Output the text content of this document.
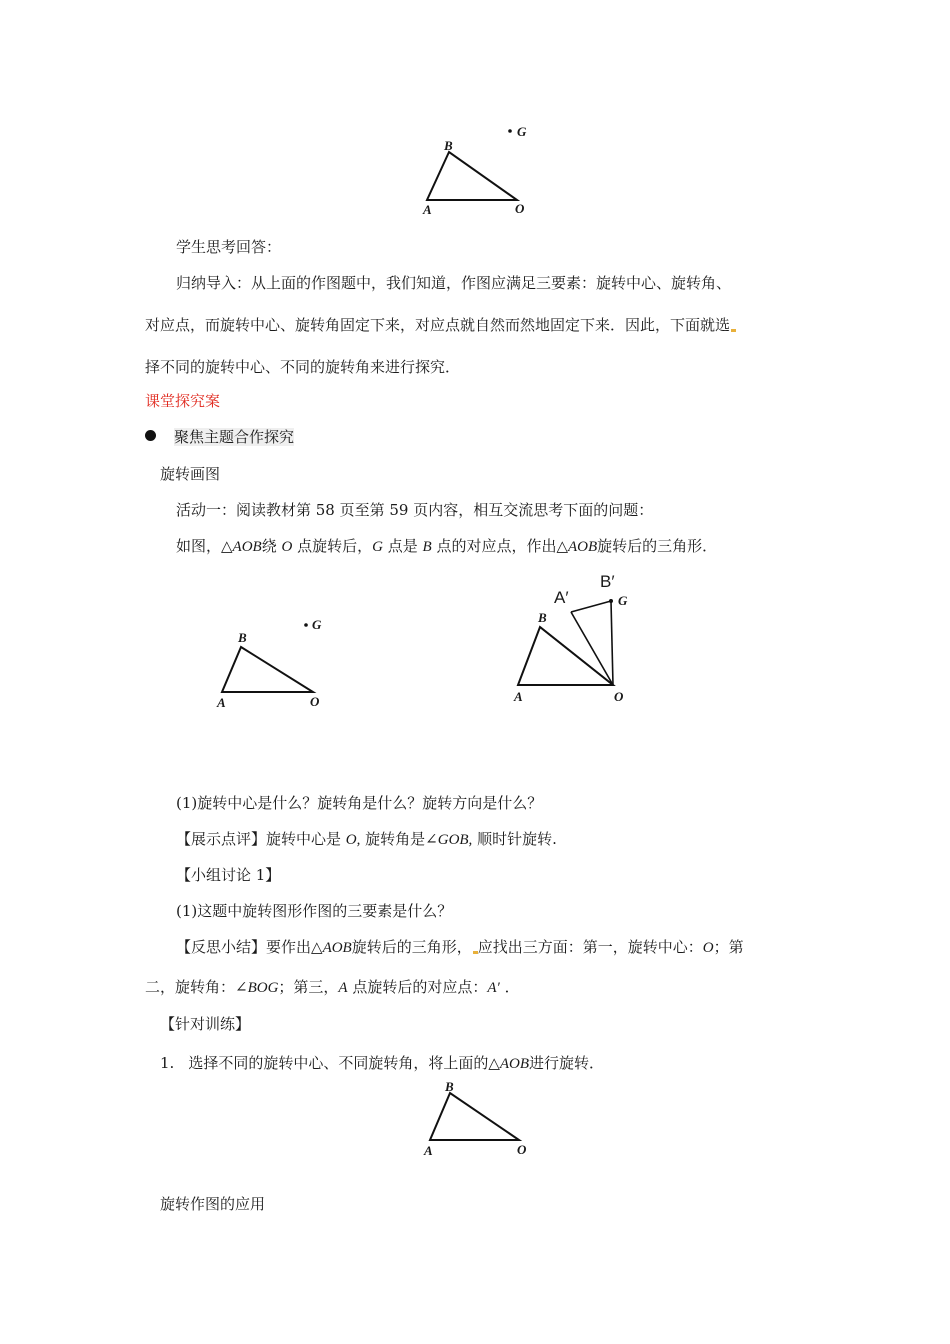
B
A	O
G
学生思考回答：
归纳导入：从上面的作图题中，我们知道，作图应满足三要素：旋转中心、旋转角、
对应点，而旋转中心、旋转角固定下来，对应点就自然而然地固定下来．因此，下面就选
择不同的旋转中心、不同的旋转角来进行探究．
课堂探究案
聚焦主题合作探究
旋转画图
活动一：阅读教材第 58 页至第 59 页内容，相互交流思考下面的问题：
如图，△AOB绕 O 点旋转后，G 点是 B 点的对应点，作出△AOB旋转后的三角形．
B
A	O
G	B
A	O
G
A′
B′
(1)旋转中心是什么？旋转角是什么？旋转方向是什么？
【展示点评】旋转中心是 O, 旋转角是∠GOB, 顺时针旋转.
【小组讨论 1】
(1)这题中旋转图形作图的三要素是什么？
【反思小结】要作出△AOB旋转后的三角形， 应找出三方面：第一，旋转中心：O；第
二，旋转角：∠BOG；第三，A 点旋转后的对应点：A′ ．
【针对训练】
1. 选择不同的旋转中心、不同旋转角，将上面的△AOB进行旋转．
B
A	O
旋转作图的应用
